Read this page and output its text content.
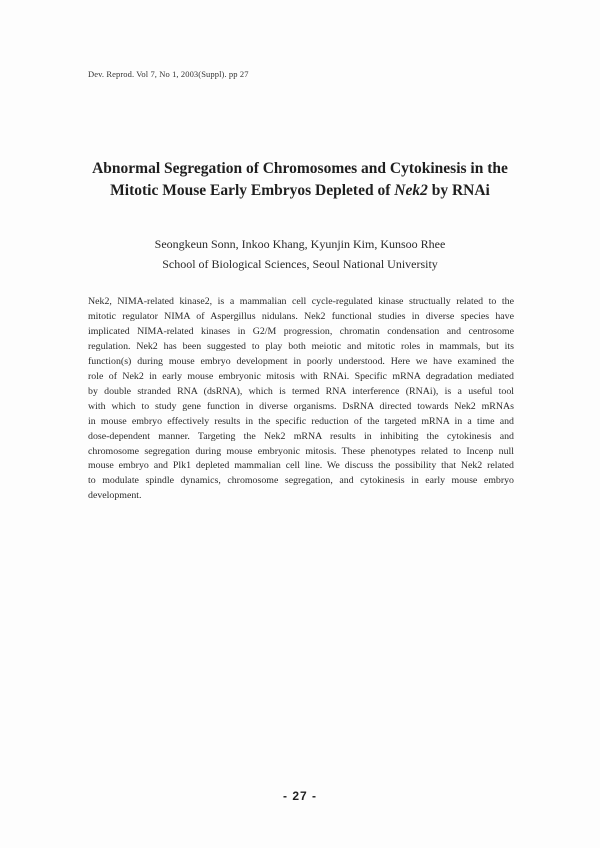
Dev. Reprod. Vol 7, No 1, 2003(Suppl). pp 27
Abnormal Segregation of Chromosomes and Cytokinesis in the
Mitotic Mouse Early Embryos Depleted of Nek2 by RNAi
Seongkeun Sonn, Inkoo Khang, Kyunjin Kim, Kunsoo Rhee
School of Biological Sciences, Seoul National University
Nek2, NIMA-related kinase2, is a mammalian cell cycle-regulated kinase structually related to the
mitotic regulator NIMA of Aspergillus nidulans. Nek2 functional studies in diverse species have
implicated NIMA-related kinases in G2/M progression, chromatin condensation and centrosome
regulation. Nek2 has been suggested to play both meiotic and mitotic roles in mammals, but its
function(s) during mouse embryo development in poorly understood. Here we have examined the
role of Nek2 in early mouse embryonic mitosis with RNAi. Specific mRNA degradation mediated
by double stranded RNA (dsRNA), which is termed RNA interference (RNAi), is a useful tool
with which to study gene function in diverse organisms. DsRNA directed towards Nek2 mRNAs
in mouse embryo effectively results in the specific reduction of the targeted mRNA in a time and
dose-dependent manner. Targeting the Nek2 mRNA results in inhibiting the cytokinesis and
chromosome segregation during mouse embryonic mitosis. These phenotypes related to Incenp null
mouse embryo and Plk1 depleted mammalian cell line. We discuss the possibility that Nek2 related
to modulate spindle dynamics, chromosome segregation, and cytokinesis in early mouse embryo
development.
- 27 -
